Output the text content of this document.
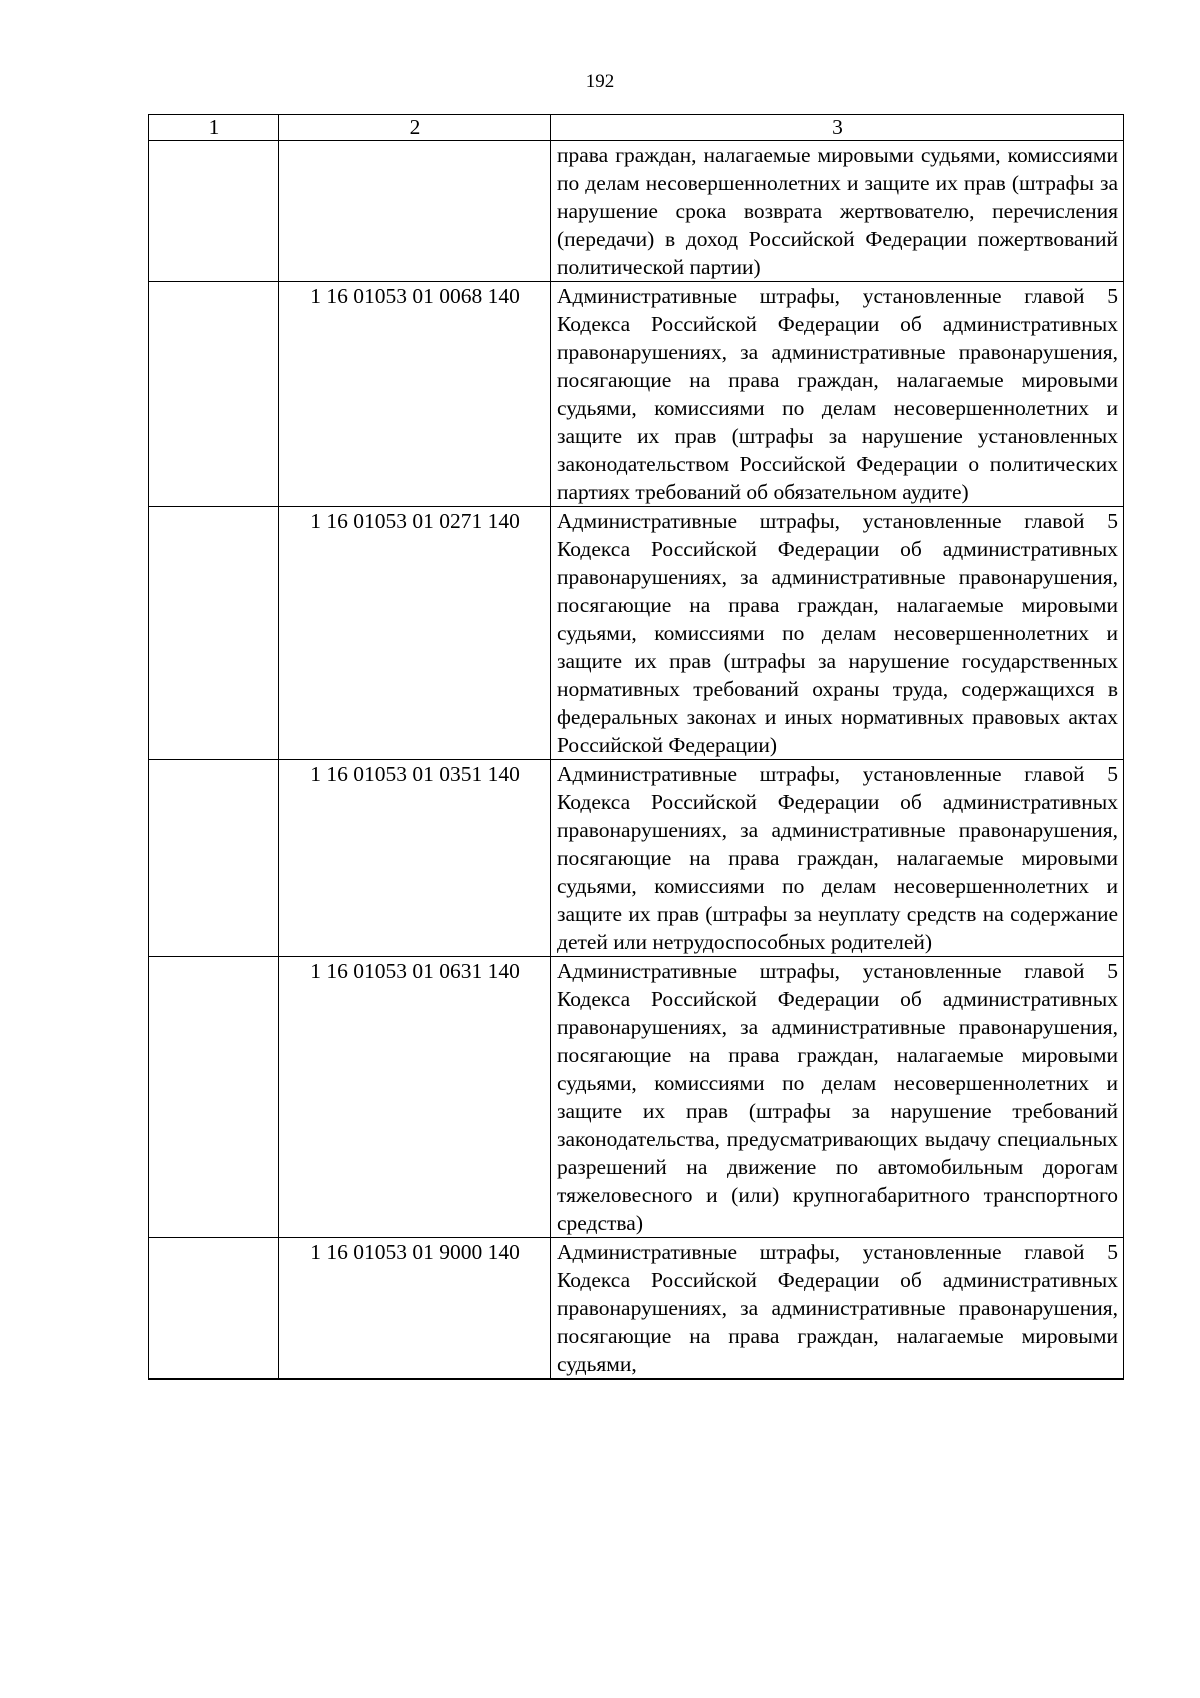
192
1	2	3
		права граждан, налагаемые мировыми судьями, комиссиями по делам несовершеннолетних и защите их прав (штрафы за нарушение срока возврата жертвователю, перечисления (передачи) в доход Российской Федерации пожертвований политической партии)
	1 16 01053 01 0068 140	Административные штрафы, установленные главой 5 Кодекса Российской Федерации об административных правонарушениях, за административные правонарушения, посягающие на права граждан, налагаемые мировыми судьями, комиссиями по делам несовершеннолетних и защите их прав (штрафы за нарушение установленных законодательством Российской Федерации о политических партиях требований об обязательном аудите)
	1 16 01053 01 0271 140	Административные штрафы, установленные главой 5 Кодекса Российской Федерации об административных правонарушениях, за административные правонарушения, посягающие на права граждан, налагаемые мировыми судьями, комиссиями по делам несовершеннолетних и защите их прав (штрафы за нарушение государственных нормативных требований охраны труда, содержащихся в федеральных законах и иных нормативных правовых актах Российской Федерации)
	1 16 01053 01 0351 140	Административные штрафы, установленные главой 5 Кодекса Российской Федерации об административных правонарушениях, за административные правонарушения, посягающие на права граждан, налагаемые мировыми судьями, комиссиями по делам несовершеннолетних и защите их прав (штрафы за неуплату средств на содержание детей или нетрудоспособных родителей)
	1 16 01053 01 0631 140	Административные штрафы, установленные главой 5 Кодекса Российской Федерации об административных правонарушениях, за административные правонарушения, посягающие на права граждан, налагаемые мировыми судьями, комиссиями по делам несовершеннолетних и защите их прав (штрафы за нарушение требований законодательства, предусматривающих выдачу специальных разрешений на движение по автомобильным дорогам тяжеловесного и (или) крупногабаритного транспортного средства)
	1 16 01053 01 9000 140	Административные штрафы, установленные главой 5 Кодекса Российской Федерации об административных правонарушениях, за административные правонарушения, посягающие на права граждан, налагаемые мировыми судьями,
